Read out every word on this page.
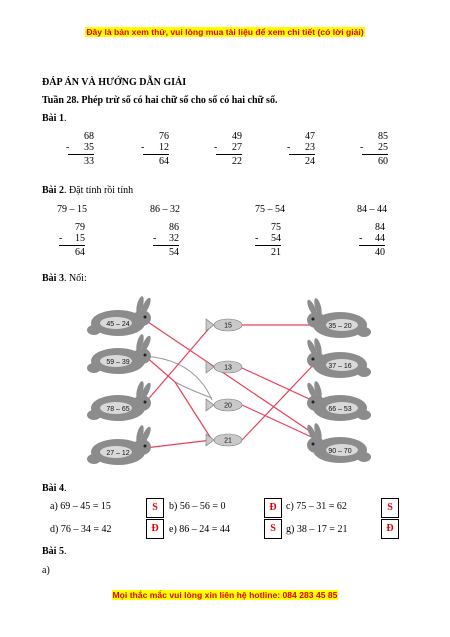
Đây là bản xem thử, vui lòng mua tài liệu để xem chi tiết (có lời giải)
ĐÁP ÁN VÀ HƯỚNG DẪN GIẢI
Tuần 28. Phép trừ số có hai chữ số cho số có hai chữ số.
Bài 1.
-
68
35
33
-
76
12
64
-
49
27
22
-
47
23
24
-
85
25
60
Bài 2. Đặt tính rồi tính
79 – 15	86 – 32	75 – 54	84 – 44
-
79
15
64
-
86
32
54
-
75
54
21
-
84
44
40
Bài 3. Nối:
45 – 24
59 – 39
78 – 65
27 – 12
15
13
20
21
35 – 20
37 – 16
66 – 53
90 – 70
Bài 4.
a) 69 – 45 = 15	S	b) 56 – 56 = 0	Đ c) 75 – 31 = 62	S
d) 76 – 34 = 42	Đ	e) 86 – 24 = 44	S	g) 38 – 17 = 21	Đ
Bài 5.
a)
Mọi thắc mắc vui lòng xin liên hệ hotline: 084 283 45 85
